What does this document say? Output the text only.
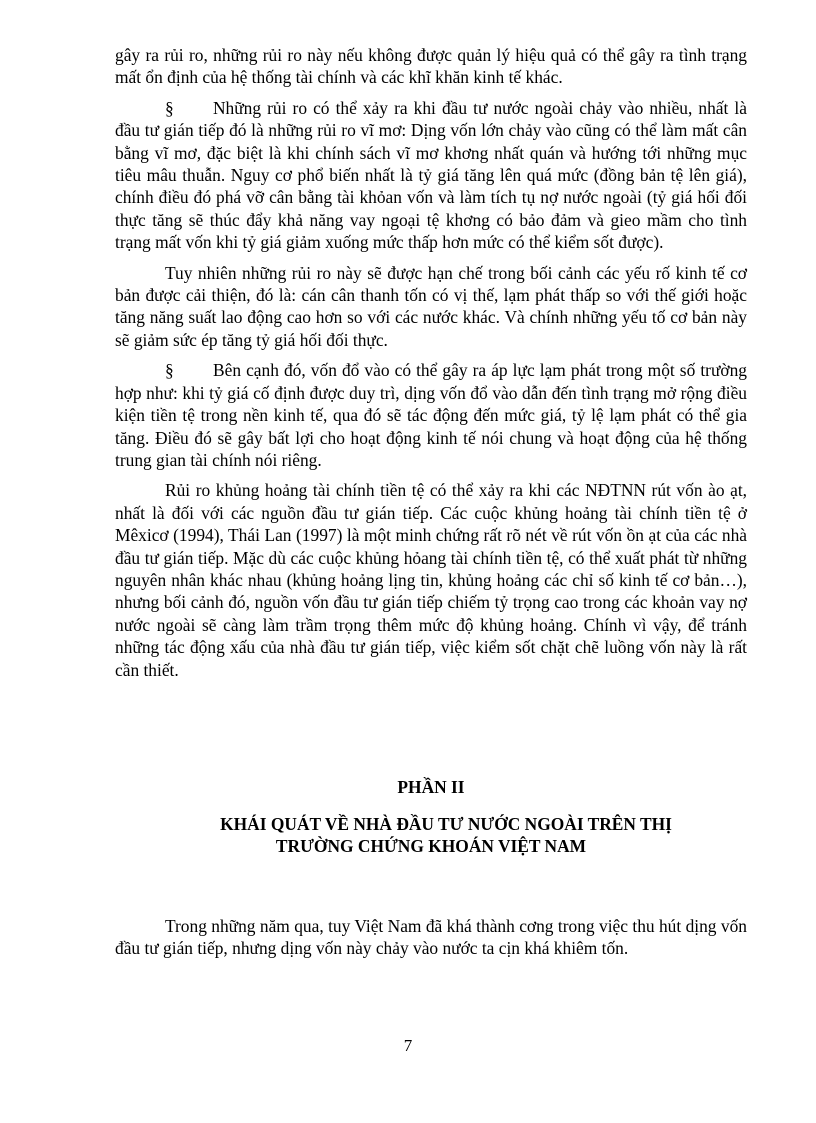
gây ra rủi ro, những rủi ro này nếu không được quản lý hiệu quả có thể gây ra tình trạng mất ổn định của hệ thống tài chính và các khĩ khăn kinh tế khác.

§ Những rủi ro có thể xảy ra khi đầu tư nước ngoài chảy vào nhiều, nhất là đầu tư gián tiếp đó là những rủi ro vĩ mơ: Dịng vốn lớn chảy vào cũng có thể làm mất cân bằng vĩ mơ, đặc biệt là khi chính sách vĩ mơ khơng nhất quán và hướng tới những mục tiêu mâu thuẫn. Nguy cơ phổ biến nhất là tỷ giá tăng lên quá mức (đồng bản tệ lên giá), chính điều đó phá vỡ cân bằng tài khỏan vốn và làm tích tụ nợ nước ngoài (tỷ giá hối đối thực tăng sẽ thúc đẩy khả năng vay ngoại tệ khơng có bảo đảm và gieo mầm cho tình trạng mất vốn khi tỷ giá giảm xuống mức thấp hơn mức có thể kiểm sốt được).

Tuy nhiên những rủi ro này sẽ được hạn chế trong bối cảnh các yếu rố kinh tế cơ bản được cải thiện, đó là: cán cân thanh tốn có vị thế, lạm phát thấp so với thế giới hoặc tăng năng suất lao động cao hơn so với các nước khác. Và chính những yếu tố cơ bản này sẽ giảm sức ép tăng tỷ giá hối đối thực.

§ Bên cạnh đó, vốn đổ vào có thể gây ra áp lực lạm phát trong một số trường hợp như: khi tỷ giá cố định được duy trì, dịng vốn đổ vào dẫn đến tình trạng mở rộng điều kiện tiền tệ trong nền kinh tế, qua đó sẽ tác động đến mức giá, tỷ lệ lạm phát có thể gia tăng. Điều đó sẽ gây bất lợi cho hoạt động kinh tế nói chung và hoạt động của hệ thống trung gian tài chính nói riêng.

Rủi ro khủng hoảng tài chính tiền tệ có thể xảy ra khi các NĐTNN rút vốn ào ạt, nhất là đối với các nguồn đầu tư gián tiếp. Các cuộc khủng hoảng tài chính tiền tệ ở Mêxicơ (1994), Thái Lan (1997) là một minh chứng rất rõ nét về rút vốn ồn ạt của các nhà đầu tư gián tiếp. Mặc dù các cuộc khủng hỏang tài chính tiền tệ, có thể xuất phát từ những nguyên nhân khác nhau (khủng hoảng lịng tin, khủng hoảng các chỉ số kinh tế cơ bản…), nhưng bối cảnh đó, nguồn vốn đầu tư gián tiếp chiếm tỷ trọng cao trong các khoản vay nợ nước ngoài sẽ càng làm trầm trọng thêm mức độ khủng hoảng. Chính vì vậy, để tránh những tác động xấu của nhà đầu tư gián tiếp, việc kiểm sốt chặt chẽ luồng vốn này là rất cần thiết.

PHẦN II

KHÁI QUÁT VỀ NHÀ ĐẦU TƯ NƯỚC NGOÀI TRÊN THỊ

TRƯỜNG CHỨNG KHOÁN VIỆT NAM

Trong những năm qua, tuy Việt Nam đã khá thành cơng trong việc thu hút dịng vốn đầu tư gián tiếp, nhưng dịng vốn này chảy vào nước ta cịn khá khiêm tốn.

7
